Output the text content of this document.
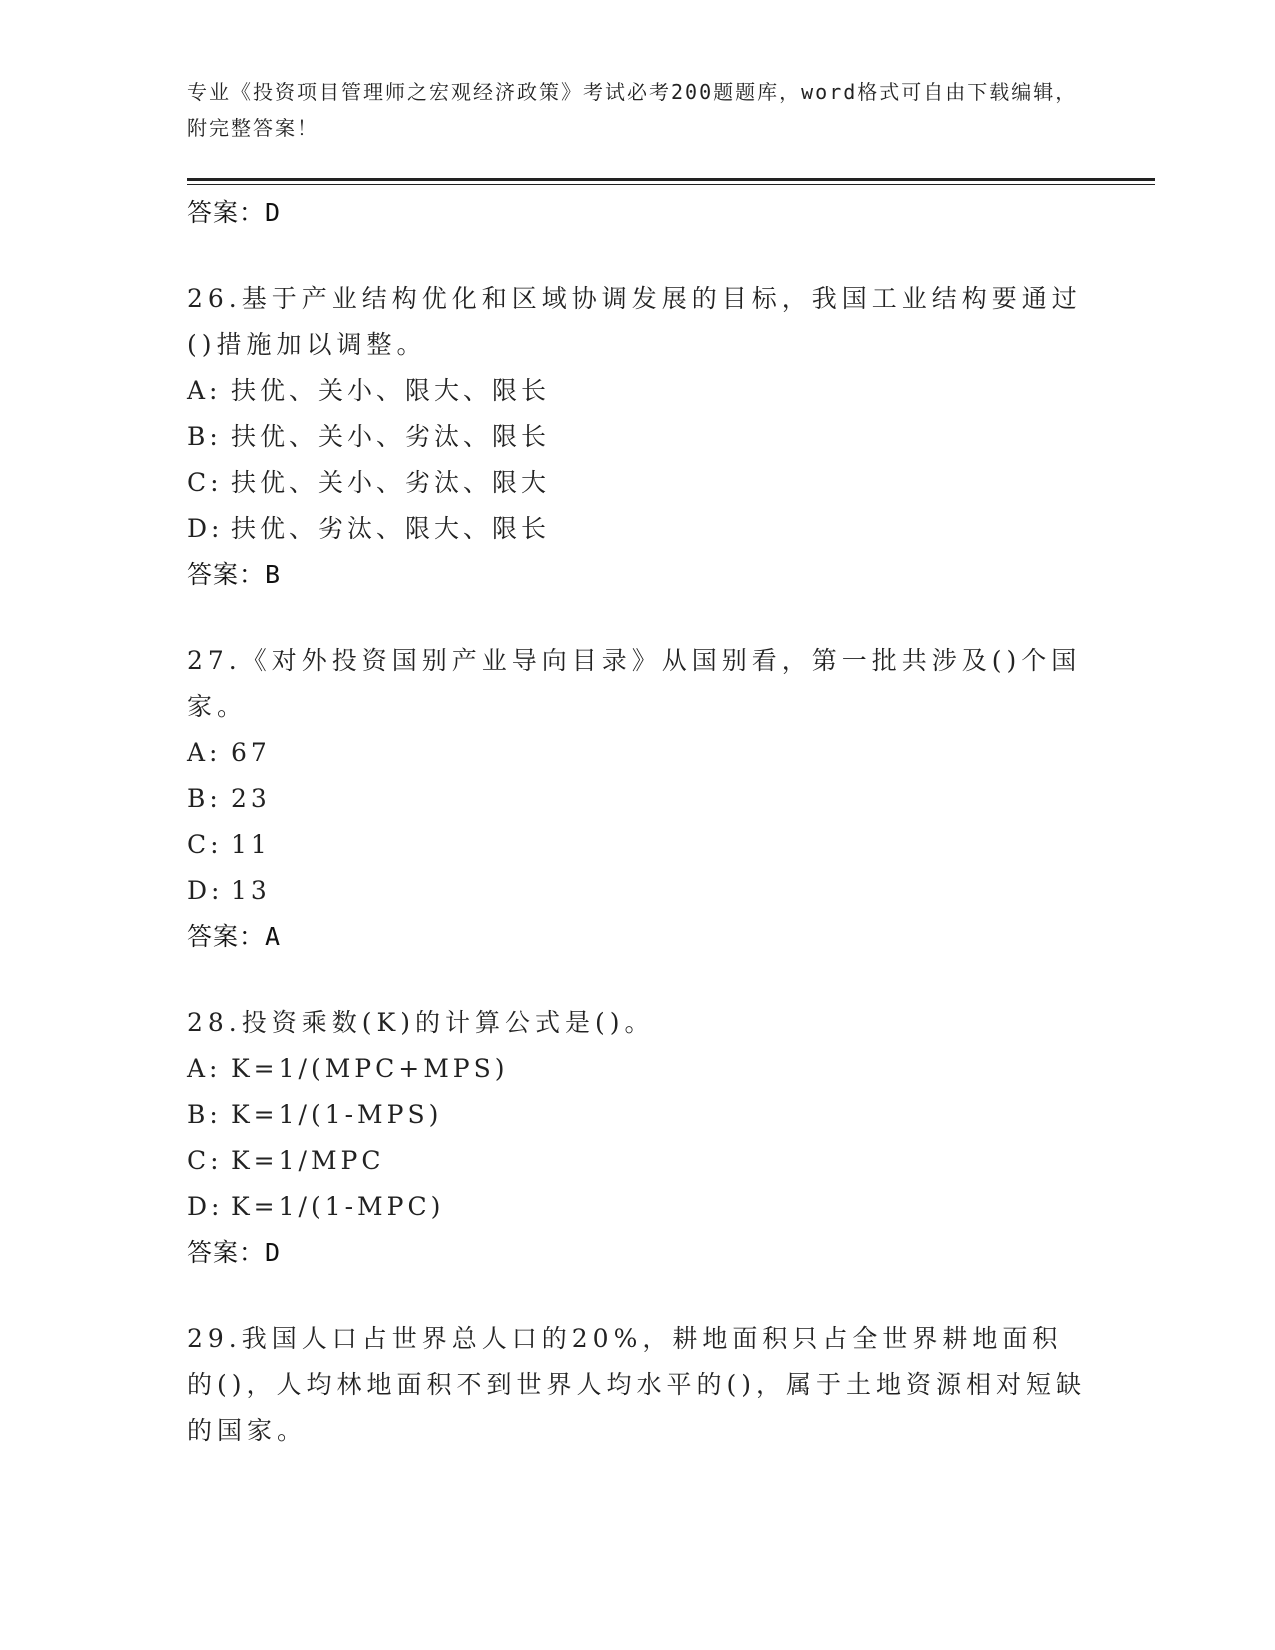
专业《投资项目管理师之宏观经济政策》考试必考200题题库，word格式可自由下载编辑，附完整答案！
答案：D
26.基于产业结构优化和区域协调发展的目标，我国工业结构要通过()措施加以调整。
A: 扶优、关小、限大、限长
B: 扶优、关小、劣汰、限长
C: 扶优、关小、劣汰、限大
D: 扶优、劣汰、限大、限长
答案：B
27.《对外投资国别产业导向目录》从国别看，第一批共涉及()个国家。
A: 67
B: 23
C: 11
D: 13
答案：A
28.投资乘数(K)的计算公式是()。
A: K=1/(MPC+MPS)
B: K=1/(1-MPS)
C: K=1/MPC
D: K=1/(1-MPC)
答案：D
29.我国人口占世界总人口的20%，耕地面积只占全世界耕地面积的()，人均林地面积不到世界人均水平的()，属于土地资源相对短缺的国家。
